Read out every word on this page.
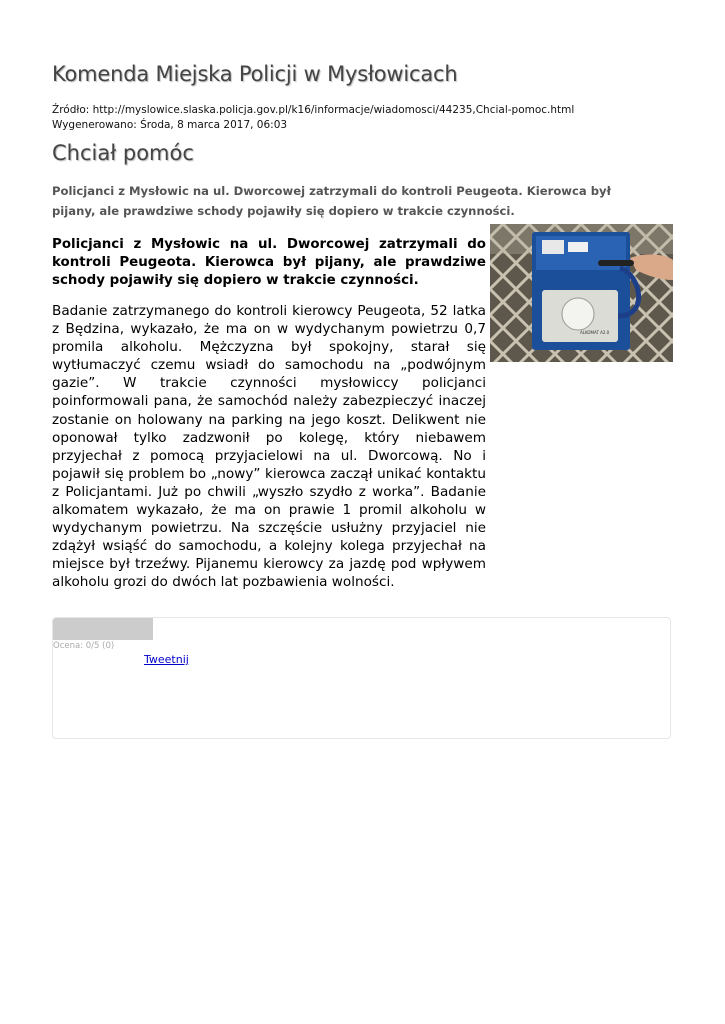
Komenda Miejska Policji w Mysłowicach
Źródło: http://myslowice.slaska.policja.gov.pl/k16/informacje/wiadomosci/44235,Chcial-pomoc.html
Wygenerowano: Środa, 8 marca 2017, 06:03
Chciał pomóc
Policjanci z Mysłowic na ul. Dworcowej zatrzymali do kontroli Peugeota. Kierowca był pijany, ale prawdziwe schody pojawiły się dopiero w trakcie czynności.
ALKOMAT A2.0
Policjanci z Mysłowic na ul. Dworcowej zatrzymali do kontroli Peugeota. Kierowca był pijany, ale prawdziwe schody pojawiły się dopiero w trakcie czynności.
Badanie zatrzymanego do kontroli kierowcy Peugeota, 52 latka z Będzina, wykazało, że ma on w wydychanym powietrzu 0,7 promila alkoholu. Mężczyzna był spokojny, starał się wytłumaczyć czemu wsiadł do samochodu na „podwójnym gazie”. W trakcie czynności mysłowiccy policjanci poinformowali pana, że samochód należy zabezpieczyć inaczej zostanie on holowany na parking na jego koszt. Delikwent nie oponował tylko zadzwonił po kolegę, który niebawem przyjechał z pomocą przyjacielowi na ul. Dworcową. No i pojawił się problem bo „nowy” kierowca zaczął unikać kontaktu z Policjantami. Już po chwili „wyszło szydło z worka”. Badanie alkomatem wykazało, że ma on prawie 1 promil alkoholu w wydychanym powietrzu. Na szczęście usłużny przyjaciel nie zdążył wsiąść do samochodu, a kolejny kolega przyjechał na miejsce był trzeźwy. Pijanemu kierowcy za jazdę pod wpływem alkoholu grozi do dwóch lat pozbawienia wolności.
Ocena: 0/5 (0)
Tweetnij
